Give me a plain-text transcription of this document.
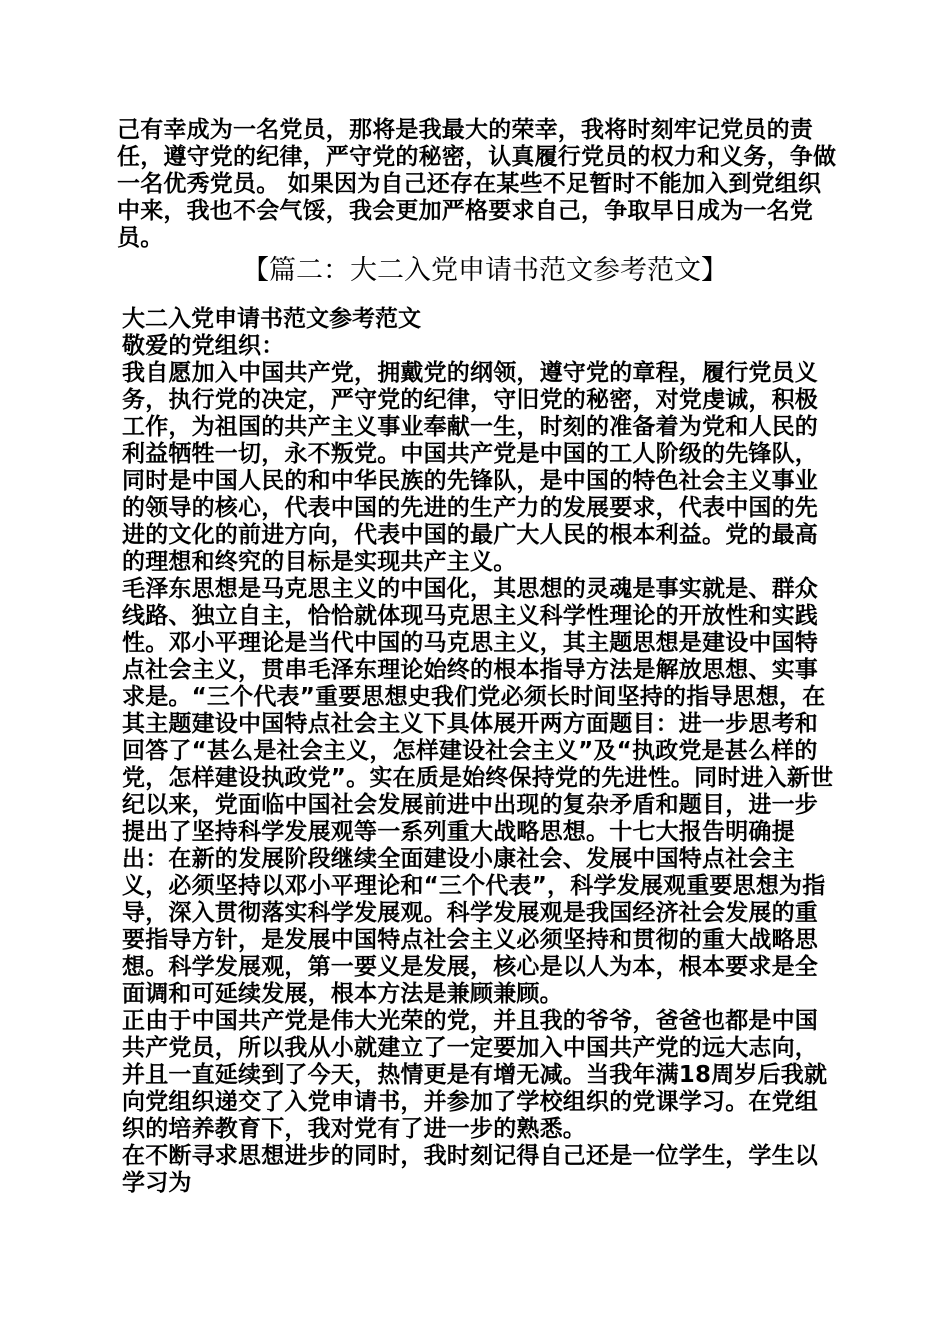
己有幸成为一名党员，那将是我最大的荣幸，我将时刻牢记党员的责任，遵守党的纪律，严守党的秘密，认真履行党员的权力和义务，争做一名优秀党员。 如果因为自己还存在某些不足暂时不能加入到党组织中来，我也不会气馁，我会更加严格要求自己，争取早日成为一名党员。

【篇二：大二入党申请书范文参考范文】

大二入党申请书范文参考范文

敬爱的党组织：

我自愿加入中国共产党，拥戴党的纲领，遵守党的章程，履行党员义务，执行党的决定，严守党的纪律，守旧党的秘密，对党虔诚，积极工作，为祖国的共产主义事业奉献一生，时刻的准备着为党和人民的利益牺牲一切，永不叛党。中国共产党是中国的工人阶级的先锋队，同时是中国人民的和中华民族的先锋队，是中国的特色社会主义事业的领导的核心，代表中国的先进的生产力的发展要求，代表中国的先进的文化的前进方向，代表中国的最广大人民的根本利益。党的最高的理想和终究的目标是实现共产主义。

毛泽东思想是马克思主义的中国化，其思想的灵魂是事实就是、群众线路、独立自主，恰恰就体现马克思主义科学性理论的开放性和实践性。邓小平理论是当代中国的马克思主义，其主题思想是建设中国特点社会主义，贯串毛泽东理论始终的根本指导方法是解放思想、实事求是。“三个代表”重要思想史我们党必须长时间坚持的指导思想，在其主题建设中国特点社会主义下具体展开两方面题目：进一步思考和回答了“甚么是社会主义，怎样建设社会主义”及“执政党是甚么样的党，怎样建设执政党”。实在质是始终保持党的先进性。同时进入新世纪以来，党面临中国社会发展前进中出现的复杂矛盾和题目，进一步提出了坚持科学发展观等一系列重大战略思想。十七大报告明确提出：在新的发展阶段继续全面建设小康社会、发展中国特点社会主义，必须坚持以邓小平理论和“三个代表”，科学发展观重要思想为指导，深入贯彻落实科学发展观。科学发展观是我国经济社会发展的重要指导方针，是发展中国特点社会主义必须坚持和贯彻的重大战略思想。科学发展观，第一要义是发展，核心是以人为本，根本要求是全面调和可延续发展，根本方法是兼顾兼顾。

正由于中国共产党是伟大光荣的党，并且我的爷爷，爸爸也都是中国共产党员，所以我从小就建立了一定要加入中国共产党的远大志向，并且一直延续到了今天，热情更是有增无减。当我年满18周岁后我就向党组织递交了入党申请书，并参加了学校组织的党课学习。在党组织的培养教育下，我对党有了进一步的熟悉。

在不断寻求思想进步的同时，我时刻记得自己还是一位学生，学生以学习为
